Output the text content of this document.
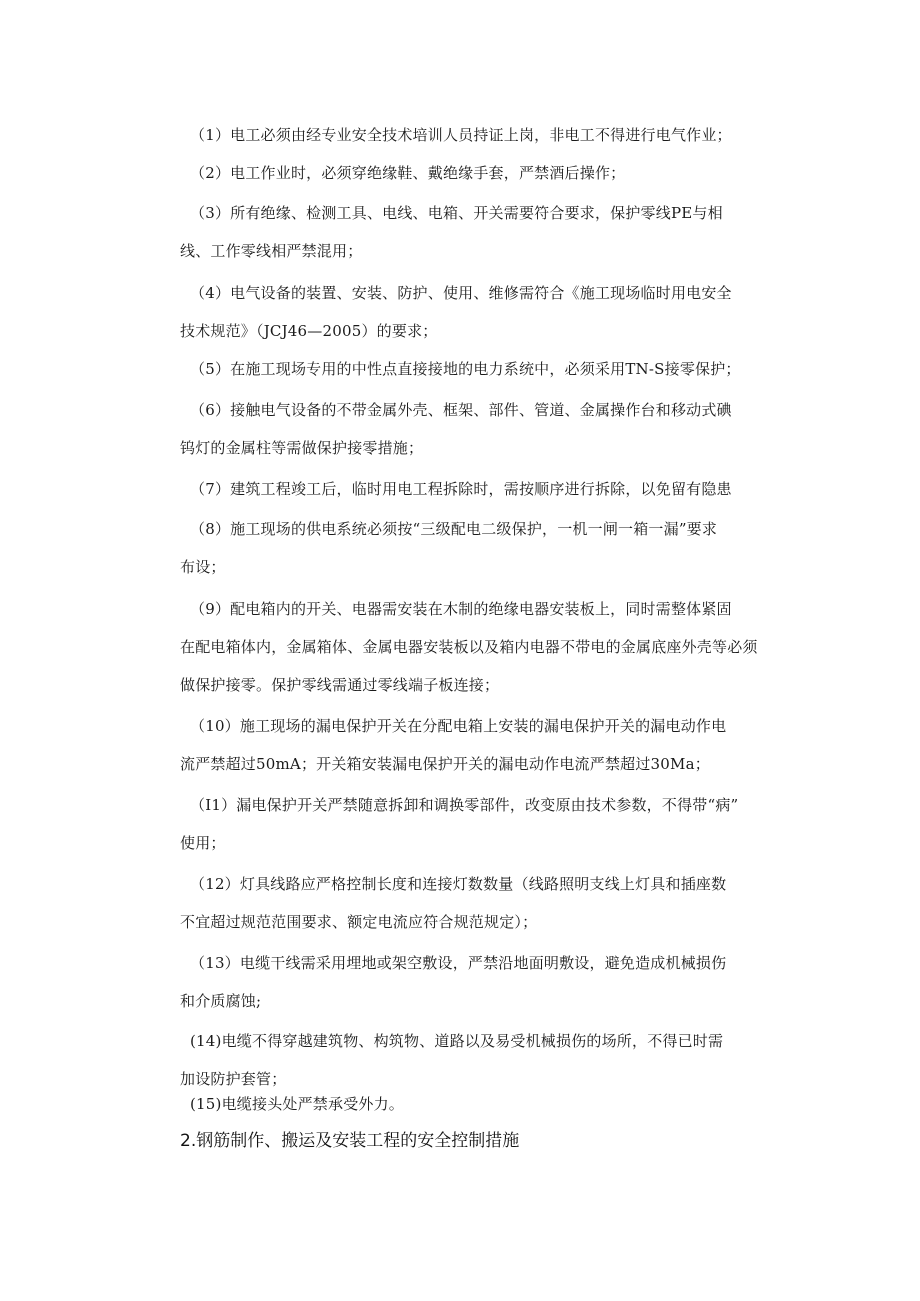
（1）电工必须由经专业安全技术培训人员持证上岗，非电工不得进行电气作业；

（2）电工作业时，必须穿绝缘鞋、戴绝缘手套，严禁酒后操作；

（3）所有绝缘、检测工具、电线、电箱、开关需要符合要求，保护零线PE与相
线、工作零线相严禁混用；

（4）电气设备的装置、安装、防护、使用、维修需符合《施工现场临时用电安全
技术规范》（JCJ46—2005）的要求；

（5）在施工现场专用的中性点直接接地的电力系统中，必须采用TN-S接零保护；

（6）接触电气设备的不带金属外壳、框架、部件、管道、金属操作台和移动式碘
钨灯的金属柱等需做保护接零措施；

（7）建筑工程竣工后，临时用电工程拆除时，需按顺序进行拆除，以免留有隐患

（8）施工现场的供电系统必须按“三级配电二级保护，一机一闸一箱一漏”要求
布设；

（9）配电箱内的开关、电器需安装在木制的绝缘电器安装板上，同时需整体紧固
在配电箱体内，金属箱体、金属电器安装板以及箱内电器不带电的金属底座外壳等必须
做保护接零。保护零线需通过零线端子板连接；

（10）施工现场的漏电保护开关在分配电箱上安装的漏电保护开关的漏电动作电
流严禁超过50mA；开关箱安装漏电保护开关的漏电动作电流严禁超过30Ma；

（I1）漏电保护开关严禁随意拆卸和调换零部件，改变原由技术参数，不得带“病”
使用；

（12）灯具线路应严格控制长度和连接灯数数量（线路照明支线上灯具和插座数
不宜超过规范范围要求、额定电流应符合规范规定）；

（13）电缆干线需采用埋地或架空敷设，严禁沿地面明敷设，避免造成机械损伤
和介质腐蚀;

(14)电缆不得穿越建筑物、构筑物、道路以及易受机械损伤的场所，不得已时需
加设防护套管；

(15)电缆接头处严禁承受外力。

2.钢筋制作、搬运及安装工程的安全控制措施
